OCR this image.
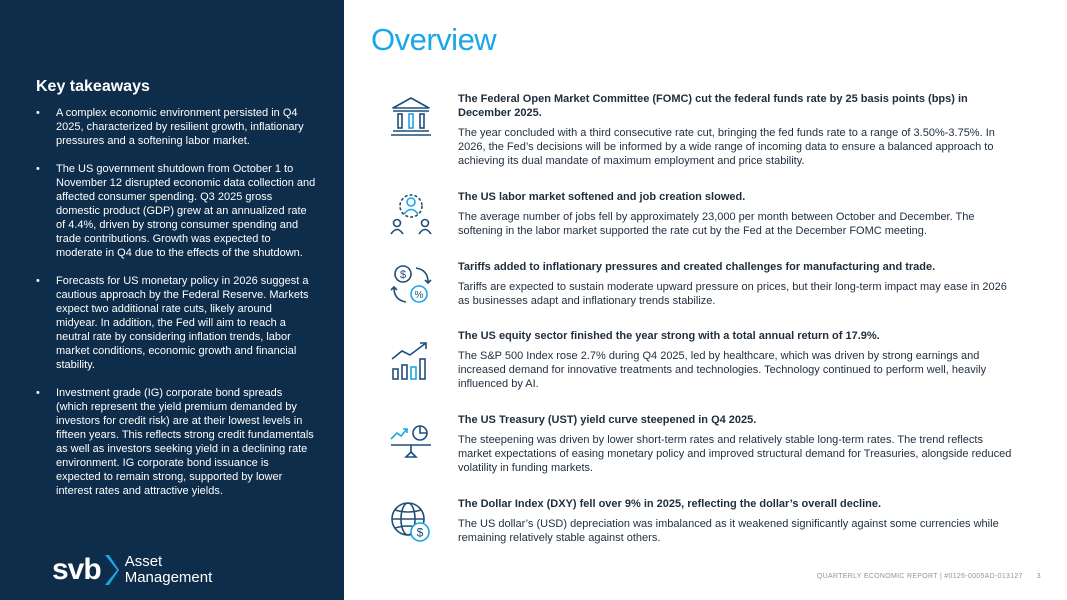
Key takeaways
• A complex economic environment persisted in Q4 2025, characterized by resilient growth, inflationary pressures and a softening labor market.
• The US government shutdown from October 1 to November 12 disrupted economic data collection and affected consumer spending. Q3 2025 gross domestic product (GDP) grew at an annualized rate of 4.4%, driven by strong consumer spending and trade contributions. Growth was expected to moderate in Q4 due to the effects of the shutdown.
• Forecasts for US monetary policy in 2026 suggest a cautious approach by the Federal Reserve. Markets expect two additional rate cuts, likely around midyear. In addition, the Fed will aim to reach a neutral rate by considering inflation trends, labor market conditions, economic growth and financial stability.
• Investment grade (IG) corporate bond spreads (which represent the yield premium demanded by investors for credit risk) are at their lowest levels in fifteen years. This reflects strong credit fundamentals as well as investors seeking yield in a declining rate environment. IG corporate bond issuance is expected to remain strong, supported by lower interest rates and attractive yields.
svb Asset
Management
Overview
The Federal Open Market Committee (FOMC) cut the federal funds rate by 25 basis points (bps) in December 2025.
The year concluded with a third consecutive rate cut, bringing the fed funds rate to a range of 3.50%-3.75%. In 2026, the Fed’s decisions will be informed by a wide range of incoming data to ensure a balanced approach to achieving its dual mandate of maximum employment and price stability.
The US labor market softened and job creation slowed.
The average number of jobs fell by approximately 23,000 per month between October and December. The softening in the labor market supported the rate cut by the Fed at the December FOMC meeting.
$
%
Tariffs added to inflationary pressures and created challenges for manufacturing and trade.
Tariffs are expected to sustain moderate upward pressure on prices, but their long-term impact may ease in 2026 as businesses adapt and inflationary trends stabilize.
The US equity sector finished the year strong with a total annual return of 17.9%.
The S&P 500 Index rose 2.7% during Q4 2025, led by healthcare, which was driven by strong earnings and increased demand for innovative treatments and technologies. Technology continued to perform well, heavily influenced by AI.
The US Treasury (UST) yield curve steepened in Q4 2025.
The steepening was driven by lower short-term rates and relatively stable long-term rates. The trend reflects market expectations of easing monetary policy and improved structural demand for Treasuries, alongside reduced volatility in funding markets.
$
The Dollar Index (DXY) fell over 9% in 2025, reflecting the dollar’s overall decline.
The US dollar’s (USD) depreciation was imbalanced as it weakened significantly against some currencies while remaining relatively stable against others.
QUARTERLY ECONOMIC REPORT | #0126-0005AD-013127 3
